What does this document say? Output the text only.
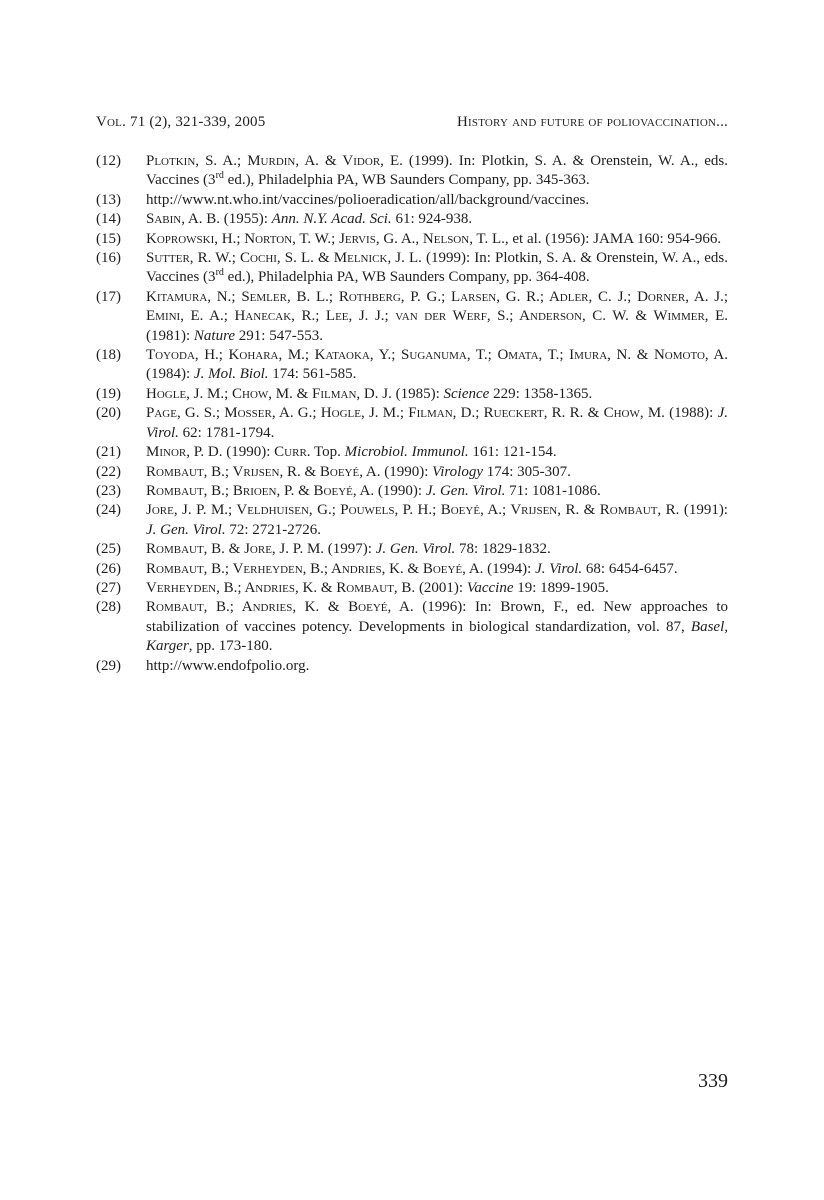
Vol. 71 (2), 321-339, 2005	History and future of poliovaccination...
(12) Plotkin, S. A.; Murdin, A. & Vidor, E. (1999). In: Plotkin, S. A. & Orenstein, W. A., eds. Vaccines (3rd ed.), Philadelphia PA, WB Saunders Company, pp. 345-363.
(13) http://www.nt.who.int/vaccines/polioeradication/all/background/vaccines.
(14) Sabin, A. B. (1955): Ann. N.Y. Acad. Sci. 61: 924-938.
(15) Koprowski, H.; Norton, T. W.; Jervis, G. A., Nelson, T. L., et al. (1956): JAMA 160: 954-966.
(16) Sutter, R. W.; Cochi, S. L. & Melnick, J. L. (1999): In: Plotkin, S. A. & Orenstein, W. A., eds. Vaccines (3rd ed.), Philadelphia PA, WB Saunders Company, pp. 364-408.
(17) Kitamura, N.; Semler, B. L.; Rothberg, P. G.; Larsen, G. R.; Adler, C. J.; Dorner, A. J.; Emini, E. A.; Hanecak, R.; Lee, J. J.; van der Werf, S.; Anderson, C. W. & Wimmer, E. (1981): Nature 291: 547-553.
(18) Toyoda, H.; Kohara, M.; Kataoka, Y.; Suganuma, T.; Omata, T.; Imura, N. & Nomoto, A. (1984): J. Mol. Biol. 174: 561-585.
(19) Hogle, J. M.; Chow, M. & Filman, D. J. (1985): Science 229: 1358-1365.
(20) Page, G. S.; Mosser, A. G.; Hogle, J. M.; Filman, D.; Rueckert, R. R. & Chow, M. (1988): J. Virol. 62: 1781-1794.
(21) Minor, P. D. (1990): Curr. Top. Microbiol. Immunol. 161: 121-154.
(22) Rombaut, B.; Vrijsen, R. & Boeyé, A. (1990): Virology 174: 305-307.
(23) Rombaut, B.; Brioen, P. & Boeyé, A. (1990): J. Gen. Virol. 71: 1081-1086.
(24) Jore, J. P. M.; Veldhuisen, G.; Pouwels, P. H.; Boeyé, A.; Vrijsen, R. & Rombaut, R. (1991): J. Gen. Virol. 72: 2721-2726.
(25) Rombaut, B. & Jore, J. P. M. (1997): J. Gen. Virol. 78: 1829-1832.
(26) Rombaut, B.; Verheyden, B.; Andries, K. & Boeyé, A. (1994): J. Virol. 68: 6454-6457.
(27) Verheyden, B.; Andries, K. & Rombaut, B. (2001): Vaccine 19: 1899-1905.
(28) Rombaut, B.; Andries, K. & Boeyé, A. (1996): In: Brown, F., ed. New approaches to stabilization of vaccines potency. Developments in biological standardization, vol. 87, Basel, Karger, pp. 173-180.
(29) http://www.endofpolio.org.
339
